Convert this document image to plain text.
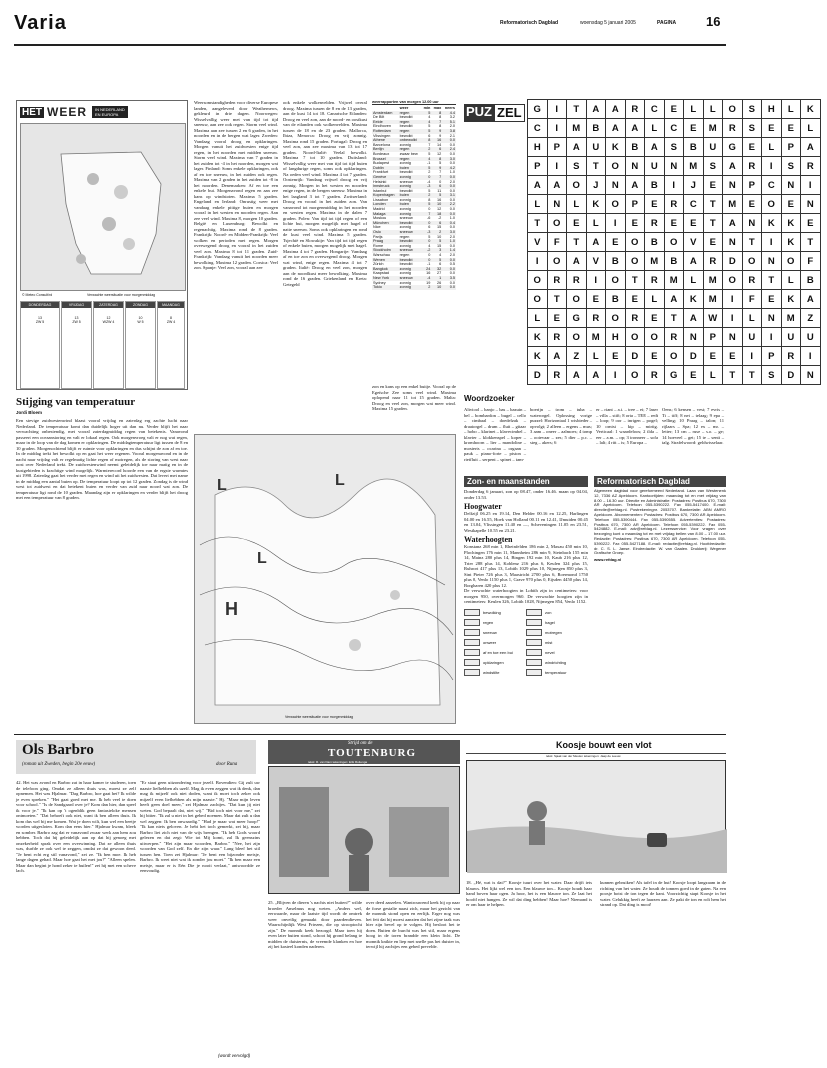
Varia	Reformatorisch Dagblad	woensdag 5 januari 2005	PAGINA 16
HET WEER	IN NEDERLAND
EN EUROPA
© Meteo Consult/rd	Verwachte weersituatie voor morgenmiddag
DONDERDAG
13
ZW 5
VRIJDAG
13
ZW 5
ZATERDAG
12
WZW 4
ZONDAG
10
W 5
MAANDAG
8
ZW 4
Stijging van temperatuur
Jordi Bloem
Een stevige zuidwestenwind blaast vooral vrijdag en zaterdag erg zachte lucht naar Nederland. De temperatuur komt dan duidelijk hoger uit dan nu. Verder blijft het naar verwachting onbestendig, met vooral zaterdagmiddag regen van betekenis. Vanavond passeert een oceaanstoring en valt er lokaal regen. Ook morgenvroeg valt er nog wat regen, maar in de loop van de dag komen er opklaringen. De middagtemperatuur ligt tussen de 8 en 10 graden. Morgenochtend blijft er ruimte voor opklaringen en dus schijnt de zon af en toe. In de middag trekt het bewolkt op en gaat het weer regenen. Vooral morgenavond en in de nacht naar vrijdag valt er regelmatig lichte regen of motregen, als de storing van west naar oost over Nederland trekt. De zuidwestenwind neemt geleidelijk toe naar matig en in de kustgebieden is krachtige wind mogelijk. Warmterecord hoorde een van de ergste warmtes uit 1998. Zaterdag gaat het verder met regen en wind uit het zuidwesten. Dat levert met name in de middag een aantal buien op. De temperatuur loopt op tot 12 graden. Zondag is de wind west tot zuidwest en dat betekent buien en verder van zuid naar noord wat zon. De temperatuur ligt rond de 10 graden. Maandag zijn er opklaringen en verder blijft het droog met een temperatuur van 8 graden.
Weersomstandigheden voor diverse Europese landen, aangeleverd door Weathernews, gekleurd in drie dagen. Noorwegen: Wisselvallig weer met van tijd tot tijd sneeuw, aan zee ook regen. Storm veel wind. Maxima aan zee tussen 2 en 6 graden, in het noorden en in de bergen wat lager. Zweden: Vandaag vooral droog en opklaringen. Morgen vanuit het zuidwesten enige tijd regen, in het noorden met midden sneeuw. Storm veel wind. Maxima van 7 graden in het zuiden tot -4 in het noorden, morgen wat lager. Finland: Soms enkele opklaringen, ook af en toe sneeuw, in het zuiden ook regen. Maxima van 2 graden in het zuiden tot -8 in het noorden. Denemarken: Af en toe een enkele bui. Morgenavond regen en aan zee kans op windstoten. Maxima 5 graden. Engeland en Ierland: Onrustig weer met vandaag enkele pittige buien en morgen vooral in het westen en noorden regen. Aan zee veel wind. Maxima 8, morgen 10 graden. België en Luxemburg: Bewolkt en regenachtig. Maxima rond de 8 graden. Frankrijk: Noord- en Midden-Frankrijk: Veel wolken en perioden met regen. Morgen overwegend droog en vooral in het zuiden veel zon. Maxima 8 tot 11 graden. Zuid-Frankrijk: Vandaag vanuit het noorden meer bewolking. Maxima 12 graden. Corsica: Veel zon. Spanje: Veel zon, vooral aan zee
ook enkele wolkenvelden. Vrijwel overal droog. Maxima tussen de 8 en de 13 graden, aan de kust 14 tot 18. Canarische Eilanden: Droog en veel zon, aan de noord- en oostkust van de eilanden ook wolkenvelden. Maxima tussen de 18 en de 23 graden. Mallorca, Ibiza, Menorca: Droog en vrij zonnig. Maxima rond 15 graden. Portugal: Droog en veel zon, aan zee maxima van 13 tot 17 graden. Noord-Italië: Veelal bewolkt. Maxima 7 tot 10 graden. Duitsland: Wisselvallig weer met van tijd tot tijd buien of langdurige regen, soms ook opklaringen. Na oeden veel wind. Maxima 4 tot 7 graden. Oostenrijk: Vandaag vrijwel droog en vrij zonnig. Morgen in het westen en noorden enige regen, in de bergen sneeuw. Maxima in het laagland 3 tot 7 graden. Zwitserland: Droog en vooral in het zuiden zon. Van vanavond tot morgenmiddag in het noorden en westen regen. Maxima in de dalen 7 graden. Polen: Van tijd tot tijd regen of een lichte bui, morgen mogelijk met hagel of natte sneeuw. Soms ook opklaringen en rond de kust veel wind. Maxima 5 graden. Tsjechië en Slowakije: Van tijd tot tijd regen of enkele buien, morgen mogelijk met hagel. Maxima 4 tot 7 graden. Hongarije: Vandaag af en toe zon en overwegend droog. Morgen wat wind, enige regen. Maxima 4 tot 7 graden. Italië: Droog en veel zon, morgen aan de noordkust meer bewolking. Maxima rond de 16 graden. Griekenland en Kreta: Getegeld
zon en kans op een enkel buitje. Vooral op de Egeïsche Zee soms veel wind. Maxima oplopend naar 11 tot 15 graden. Malta: Droog en veel zon, morgen wat meer wind. Maxima 15 graden.
weerrapporten van morgen 12.00 uur
	weer	min	max	neers
Amsterdam	regen	5	8	4.4
De Bilt	bewolkt	4	8	3.2
Eelde	regen	4	7	5.1
Eindhoven	bewolkt	5	8	2.0
Rotterdam	regen	5	9	3.8
Vlissingen	bewolkt	6	9	2.1
Athene	onbewolkt	8	16	0.0
Barcelona	zonnig	7	14	0.0
Berlijn	regen	2	6	2.4
Bordeaux	zwaar bew	5	12	0.0
Brussel	regen	4	8	3.0
Budapest	zonnig	-1	5	0.0
Dublin	buien	5	9	4.2
Frankfurt	bewolkt	2	7	1.0
Genève	zonnig	0	7	0.0
Helsinki	sneeuw	-4	0	2.0
Innsbruck	zonnig	-3	6	0.0
Istanbul	bewolkt	5	11	0.0
Kopenhagen	buien	2	5	3.1
Lissabon	zonnig	8	16	0.0
Londen	buien	5	10	2.2
Madrid	zonnig	0	12	0.0
Malaga	zonnig	7	18	0.0
Moskou	sneeuw	-6	-2	1.0
München	bewolkt	0	6	0.4
Nice	zonnig	6	15	0.0
Oslo	sneeuw	-3	2	3.0
Parijs	regen	5	10	2.0
Praag	bewolkt	0	5	1.0
Rome	zonnig	4	15	0.0
Stockholm	sneeuw	-2	3	1.4
Warschau	regen	0	4	2.0
Wenen	bewolkt	0	5	0.0
Zürich	bewolkt	-1	6	0.5
Bangkok	zonnig	24	32	0.0
Kaapstad	zonnig	16	27	0.0
New York	sneeuw	-4	1	3.5
Sydney	zonnig	19	26	0.0
Tokio	zonnig	2	10	0.0
L	L
L
H
Verwachte weersituatie voor morgenmiddag
PUZ ZEL	G	I	T	A	A	R	C	E	L	L	O	S	H	L	K
C	I	M	B	A	A	L	C	E	M	R	S	E	E	L
H	P	A	U	K	B	A	S	B	U	G	E	L	P	A
P	I	S	T	O	N	U	N	M	S	A	R	I	S	R
A	A	O	J	N	A	B	I	J	E	N	P	C	N	I
L	N	L	K	O	P	E	R	C	T	M	E	O	E	N
T	O	E	L	I	E	R	E	E	T	A	N	K	K	E
V	F	T	A	E	O	B	O	V	E	N	T	I	K	T
I	O	A	V	B	O	M	B	A	R	D	O	N	O	F
O	R	R	I	O	T	R	M	L	M	O	R	T	L	B
O	T	O	E	B	E	L	A	K	M	I	F	E	K	A
L	E	G	R	O	R	E	T	A	W	I	L	N	M	Z
K	R	O	M	H	O	O	R	N	P	N	U	I	U	U
K	A	Z	L	E	D	E	O	D	E	E	I	P	R	I
D	R	A	A	I	O	R	G	E	L	T	T	S	D	N
Woordzoeker
Altviool – banjo – bas – bazuin – bel – bombardon – bugel – cello – cimbaal – doedelzak – draaiorgel – drum – fluit – gitaar – hobo – klarinet – klavecimbel – klavier – klokkenspel – koper – kromhoorn – lier – mandoline – mosterts – ocarina – orgaan – pauk – piano-forte – piston – rietfluit – serpent – spinet – tam-
boerijn – trom – tuba – waterorgel. Oplossing vorige puzzel: Horizontaal 1 wisbieder – opvolgt; 2 alleen – ergens – mus; 3 aam – oneer – aalmoes; 4 tomp – ooievaar – zes; 5 dier – p.c. – steg – akers; 6
er – riant – a.i. – tree – ei; 7 laser – villa – stift; 8 orta – TEE – redt – loop; 9 oor – inrigen – pogel; 10 ornist – kip – mirtig. Verticaal: 1 waardeloos; 2 ilda – eer – a.m. – op; 3 ironneer – sofa – lalt; 4 ritt – is; 5 Europa –
Oens; 6 kensen – vest; 7 evris – Ti – tiff; 8 net – telaag; 9 epa – velling; 10 Praag – talon; 11 rijlaars – Spa; 12 ex – mr. – letter; 13 cm – ruse – s.o. – ge; 14 hoeveel – get; 15 te – senti – talg. Strafelwoord: geldwisselaar.
Zon- en maanstanden
Donderdag 6 januari, zon op 08.47, onder 16.46. maan op 04.04, onder 13.53.
Hoogwater
Delfzijl 06.25 en 19.14, Den Helder 00.16 en 12.25, Harlingen 04.00 en 16.55, Hoek van Holland 00.11 en 12.41, IJmuiden 00.45 en 13.04, Vlissingen 11.40 en —, Scheveningen 11.05 en 23.51, Westkapelle 10.55 en 23.21.
Waterhoogten
Konstanz 268 min 1, Rheinfelden 186 min 2, Maxau 450 min 10, Plochingen 176 min 11, Mannheim 286 min 9, Steinbach 155 min 14, Mainz 280 plus 14, Bingen 192 min 10, Kaub 216 plus 12, Trier 288 plus 14, Koblenz 216 plus 6, Keulen 324 plus 15, Ruhrort 417 plus 13, Lobith 1029 plus 10, Nijmegen 850 plus 3, Sint Pieter 726 plus 3, Maastricht 2700 plus 6, Roermond 1750 plus 0, Venlo 1150 plus 1, Grave 970 plus 0, Eijsden 4450 plus 14, Borgharen 420 plus 12.
De verwachte waterhoogten in Lobith zijn in centimeters: voor morgen 950, overmorgen 960. De verwachte hoogten zijn in centimeters: Keulen 326, Lobith 1028, Nijmegen 854, Venlo 1152.
bewolking	zon
regen	hagel
sneeuw	motregen
onweer	mist
af en toe een bui	nevel
opklaringen	windrichting
windstilte	temperatuur
Reformatorisch Dagblad
Algemeen dagblad voor gereformeerd Nederland. Laan van Westenenk 12, 7336 AZ Apeldoorn. Kantoortijden: maandag tot en met vrijdag van 8.00 – 16.30 uur. Directie en Administratie: Postadres: Postbus 670, 7300 AR Apeldoorn. Telefoon 055-5390222. Fax 055-5417400. E-mail: directie@refdag.nl. Postrekeningnr. 2053707. Bankrelatie: ABN AMRO Apeldoorn. Abonnementen: Postadres: Postbus 670, 7300 AR Apeldoorn. Telefoon 055-5390444. Fax 055-5390555. Advertenties: Postadres: Postbus 670, 7300 AR Apeldoorn. Telefoon 055-5390222. Fax 055-5424882. E-mail: adv@refdag.nl. Lezersservice: Voor vragen over bezorging kunt u maandag tot en met vrijdag bellen van 8.00 – 17.00 uur. Redactie: Postadres: Postbus 670, 7300 AR Apeldoorn. Telefoon 055-5390222. Fax 055-5427188. E-mail: redactie@refdag.nl. Hoofdredactie: dr. C. S. L. Janse. Eindredactie: W. van Gaalen. Drukkerij: Wegener Grafische Groep.
www.refdag.nl
Ols Barbro
(roman uit Zweden, begin 20e eeuw)	door Runa
42. Het was avond en Barbro zat in haar kamer te studeren, toen de telefoon ging. Omdat ze alleen thuis was, moest ze zelf opnemen. Het was Hjalmar. "Dag Barbro, hoe gaat het? Ik wilde je even spreken." "Het gaat goed met me. Ik heb veel te doen voor school." "Is de Sandgaard over je? Kom dan hier, dan speel ik voor je." "Ik kan op 't ogenblik geen fantasieloke mensen ontmoeten." "Dat behoeft ook niet, want ik ben alleen thuis. Ik kom dus wel bij me komen. Wat je doen wilt, kun wel een beetje worden uitgesloten. Kom dan eens hier." Hjalmar kwam, bleek en somber. Barbro zag dat er vanavond zwaar werk aan hem zou hebben. Toch dat hij geleidelijk aan op dat hij genoeg met onzekerheid sprak over een overwinning. Dat ze alleen thuis was, durfde ze ook wel te zeggen, omdat ze dat gewoon deed. "Je bent echt erg stil vanavond," zei ze. "Ik ben moe. Ik heb lange dagen gehad. Maar hoe gaat het met jou?" "Alleen spelen. Maar dan begint je hond zeker te huilen!" zei hij met een scheve lach.
"Er staat geen uitzondering voor jezelf. Bovendien: Gij zult uw naaste liefhebben als uzelf. Mag ik even zeggen wat ik denk, dan mag ik mijzelf ook niet doden, want ik moet toch zeker ook mijzelf even liefhebben als mijn naaste." Hj. "Maar mijn leven heeft geen doel meer," zei Hjalmar zachtjes. "Dat kun jij niet weten. God bepaalt dat, niet wij." "Bid toch niet voor me," zei hij bitter. "Ik zal u niet in het gebed noemen. Maar dat zult u dan wel zeggen: Ik ben onwaardig." "Had je maar wat meer hoop!" "Ik kan niets geloven. Je hebt het toch gemerkt, zei hij, maar Barbro liet zich niet van de wijs brengen. "Ik heb Gods woord gelezen en dat zegt: Wie tot Mij komt, zal Ik geenszins uitwerpen." "Het zijn maar woorden, Barbro." "Nee, het zijn woorden van God zelf. En die zijn waar." Lang bleef het stil tussen hen. Toen zei Hjalmar: "Je bent een bijzonder meisje, Barbro. Ik weet niet wat ik zonder jou moet." "Ik ben maar een meisje, maar er is Eén Die je nooit verlaat," antwoordde ze eenvoudig.
(wordt vervolgd)
Strijd om de
TOUTENBURG
tekst: R. van Dam tekeningen: Erik Ruitenga
25. „Blijven de dieren 's nachts niet buiten?" wilde broeder Anselmus nog weten. „Anders wel, eerwaarde, maar de laatste tijd wordt de omtrek weer onveilig gemaakt door paardendieven. Waarschijnlijk West Friezen, die op strooptocht zijn." De monnik keek bezorgd. Maar toen hij even later buiten stond, schoot hij grond belang te midden de duisternis, de vreemde klanken en hoe zij het kasteel konden naderen.
over deed aarzelen. Wantrouwend keek hij op naar de forse gestalte naast zich, maar het gezicht van de monnik stond open en eerlijk. Erger nog was het feit dat hij moest aanzien dat het zijne taak was hier zijn bevel op te volgen. Hij besloot het te doen. Buiten de burcht was het stil, maar ergens hoog in de toren brandde een klein licht. De monnik knikte en liep met snelle pas het duister in, terwijl hij zachtjes een gebed prevelde.
Koosje bouwt een vlot
tekst: Sjaak van der Meulen tekeningen: Jaap de Leeuw
18. „Hé, wat is dat?" Koosje tuurt over het water. Daar drijft iets blauws. Het lijkt wel een ton. Een blauwe ton... Koosje houdt haar hand boven haar ogen. Ja hoor, het is een blauwe ton. Ze laat het hoofd niet hangen. Ze wil dat ding hebben! Maar hoe? Niemand is er om haar te helpen.
kunnen gebruiken! Als tafel in de hut! Koosje loopt langzaam in de richting van het water. Ze houdt de tonnen goed in de gaten. Na een poosje botst de ton tegen de kant. Voorzichtig stapt Koosje in het water. Gelukkig heeft ze laarzen aan. Ze pakt de ton en rolt hem het strand op. Dat ding is mooi!
